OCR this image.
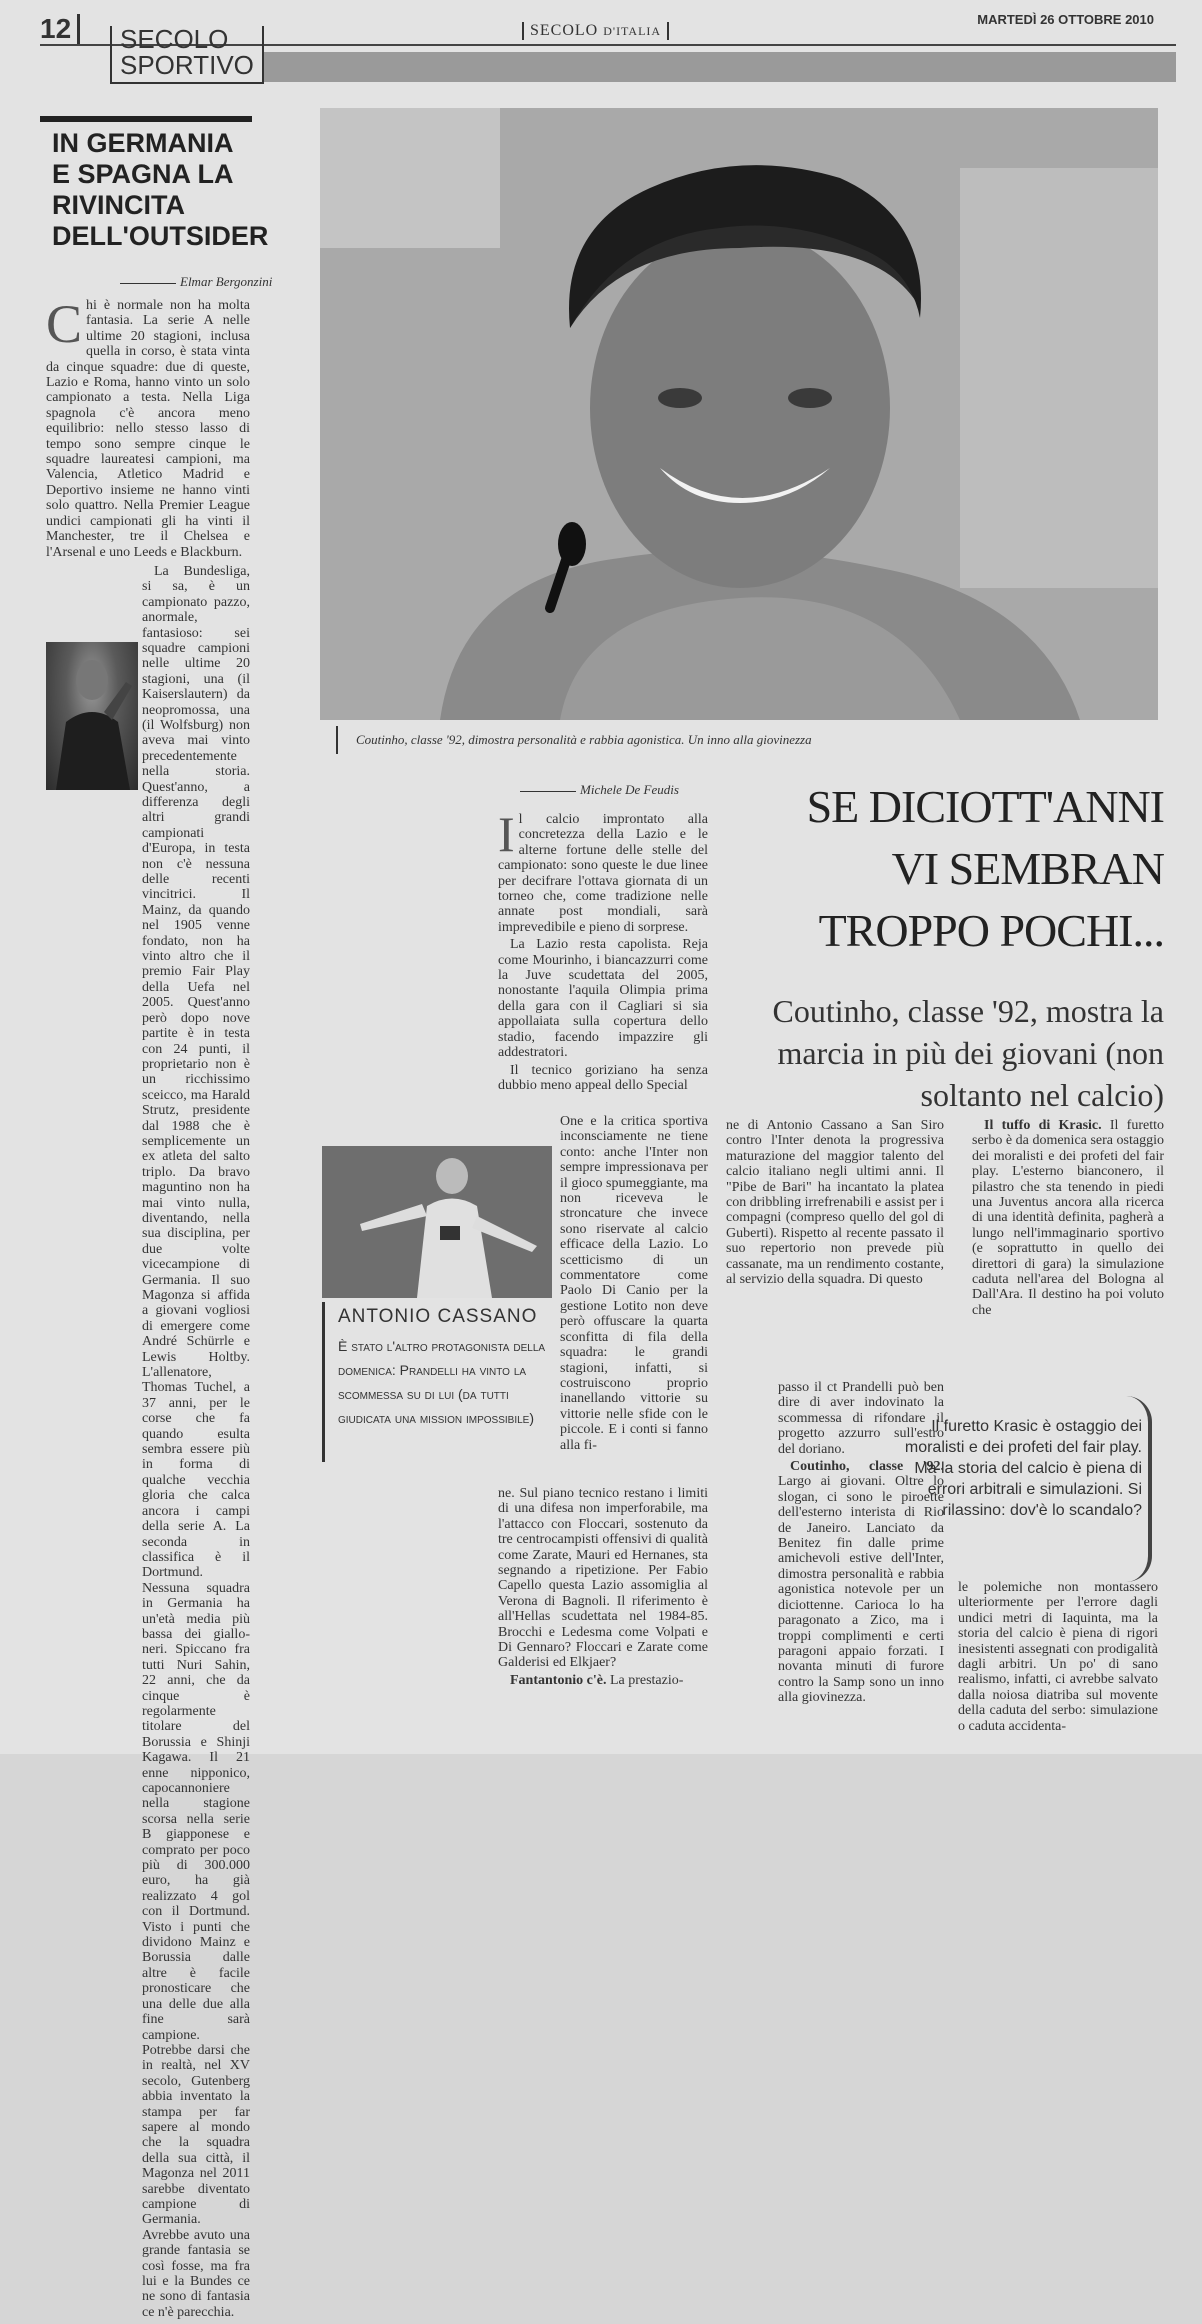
12	SECOLO
SPORTIVO
SECOLO D'ITALIA
MARTEDÌ 26 OTTOBRE 2010
IN GERMANIA E SPAGNA LA RIVINCITA DELL'OUTSIDER
Elmar Bergonzini

Chi è normale non ha molta fantasia. La serie A nelle ultime 20 stagioni, inclusa quella in corso, è stata vinta da cinque squadre: due di queste, Lazio e Roma, hanno vinto un solo campionato a testa. Nella Liga spagnola c'è ancora meno equilibrio: nello stesso lasso di tempo sono sempre cinque le squadre laureatesi campioni, ma Valencia, Atletico Madrid e Deportivo insieme ne hanno vinti solo quattro. Nella Premier League undici campionati gli ha vinti il Manchester, tre il Chelsea e l'Arsenal e uno Leeds e Blackburn.

La Bundesliga, si sa, è un campionato pazzo, anormale, fantasioso: sei squadre campioni nelle ultime 20 stagioni, una (il Kaiserslautern) da neopromossa, una (il Wolfsburg) non aveva mai vinto precedentemente nella storia. Quest'anno, a differenza degli altri grandi campionati d'Europa, in testa non c'è nessuna delle recenti vincitrici. Il Mainz, da quando nel 1905 venne fondato, non ha vinto altro che il premio Fair Play della Uefa nel 2005. Quest'anno però dopo nove partite è in testa con 24 punti, il proprietario non è un ricchissimo sceicco, ma Harald Strutz, presidente dal 1988 che è semplicemente un ex atleta del salto triplo. Da bravo maguntino non ha mai vinto nulla, diventando, nella sua disciplina, per due volte vicecampione di Germania. Il suo Magonza si affida a giovani vogliosi di emergere come André Schürrle e Lewis Holtby. L'allenatore, Thomas Tuchel, a 37 anni, per le corse che fa quando esulta sembra essere più in forma di qualche vecchia gloria che calca ancora i campi della serie A. La seconda in classifica è il Dortmund. Nessuna squadra in Germania ha un'età media più bassa dei giallo-neri. Spiccano fra tutti Nuri Sahin, 22 anni, che da cinque è regolarmente titolare del Borussia e Shinji Kagawa. Il 21 enne nipponico, capocannoniere nella stagione scorsa nella serie B giapponese e comprato per poco più di 300.000 euro, ha già realizzato 4 gol con il Dortmund. Visto i punti che dividono Mainz e Borussia dalle altre è facile pronosticare che una delle due alla fine sarà campione. Potrebbe darsi che in realtà, nel XV secolo, Gutenberg abbia inventato la stampa per far sapere al mondo che la squadra della sua città, il Magonza nel 2011 sarebbe diventato campione di Germania. Avrebbe avuto una grande fantasia se così fosse, ma fra lui e la Bundes ce ne sono di fantasia ce n'è parecchia.

Coutinho, classe '92, dimostra personalità e rabbia agonistica. Un inno alla giovinezza
Michele De Feudis	SE DICIOTT'ANNI
VI SEMBRAN
TROPPO POCHI...
Coutinho, classe '92, mostra la marcia in più dei giovani (non soltanto nel calcio)

Il calcio improntato alla concretezza della Lazio e le alterne fortune delle stelle del campionato: sono queste le due linee per decifrare l'ottava giornata di un torneo che, come tradizione nelle annate post mondiali, sarà imprevedibile e pieno di sorprese.

La Lazio resta capolista. Reja come Mourinho, i biancazzurri come la Juve scudettata del 2005, nonostante l'aquila Olimpia prima della gara con il Cagliari si sia appollaiata sulla copertura dello stadio, facendo impazzire gli addestratori.

Il tecnico goriziano ha senza dubbio meno appeal dello Special

One e la critica sportiva inconsciamente ne tiene conto: anche l'Inter non sempre impressionava per il gioco spumeggiante, ma non riceveva le stroncature che invece sono riservate al calcio efficace della Lazio. Lo scetticismo di un commentatore come Paolo Di Canio per la gestione Lotito non deve però offuscare la quarta sconfitta di fila della squadra: le grandi stagioni, infatti, si costruiscono proprio inanellando vittorie su vittorie nelle sfide con le piccole. E i conti si fanno alla fi-

ne. Sul piano tecnico restano i limiti di una difesa non imperforabile, ma l'attacco con Floccari, sostenuto da tre centrocampisti offensivi di qualità come Zarate, Mauri ed Hernanes, sta segnando a ripetizione. Per Fabio Capello questa Lazio assomiglia al Verona di Bagnoli. Il riferimento è all'Hellas scudettata nel 1984-85. Brocchi e Ledesma come Volpati e Di Gennaro? Floccari e Zarate come Galderisi ed Elkjaer?

Fantantonio c'è. La prestazio-

ne di Antonio Cassano a San Siro contro l'Inter denota la progressiva maturazione del maggior talento del calcio italiano negli ultimi anni. Il "Pibe de Bari" ha incantato la platea con dribbling irrefrenabili e assist per i compagni (compreso quello del gol di Guberti). Rispetto al recente passato il suo repertorio non prevede più cassanate, ma un rendimento costante, al servizio della squadra. Di questo

passo il ct Prandelli può ben dire di aver indovinato la scommessa di rifondare il progetto azzurro sull'estro del doriano.

Coutinho, classe '92. Largo ai giovani. Oltre lo slogan, ci sono le piroette dell'esterno interista di Rio de Janeiro. Lanciato da Benitez fin dalle prime amichevoli estive dell'Inter, dimostra personalità e rabbia agonistica notevole per un diciottenne. Carioca lo ha paragonato a Zico, ma i troppi complimenti e certi paragoni appaio forzati. I novanta minuti di furore contro la Samp sono un inno alla giovinezza.

Il tuffo di Krasic. Il furetto serbo è da domenica sera ostaggio dei moralisti e dei profeti del fair play. L'esterno bianconero, il pilastro che sta tenendo in piedi una Juventus ancora alla ricerca di una identità definita, pagherà a lungo nell'immaginario sportivo (e soprattutto in quello dei direttori di gara) la simulazione caduta nell'area del Bologna al Dall'Ara. Il destino ha poi voluto che

le polemiche non montassero ulteriormente per l'errore dagli undici metri di Iaquinta, ma la storia del calcio è piena di rigori inesistenti assegnati con prodigalità dagli arbitri. Un po' di sano realismo, infatti, ci avrebbe salvato dalla noiosa diatriba sul movente della caduta del serbo: simulazione o caduta accidenta-

ANTONIO CASSANO
È stato l'altro protagonista della domenica: Prandelli ha vinto la scommessa su di lui (da tutti giudicata una mission impossibile)	Il furetto Krasic è ostaggio dei moralisti e dei profeti del fair play. Ma la storia del calcio è piena di errori arbitrali e simulazioni. Si rilassino: dov'è lo scandalo?
